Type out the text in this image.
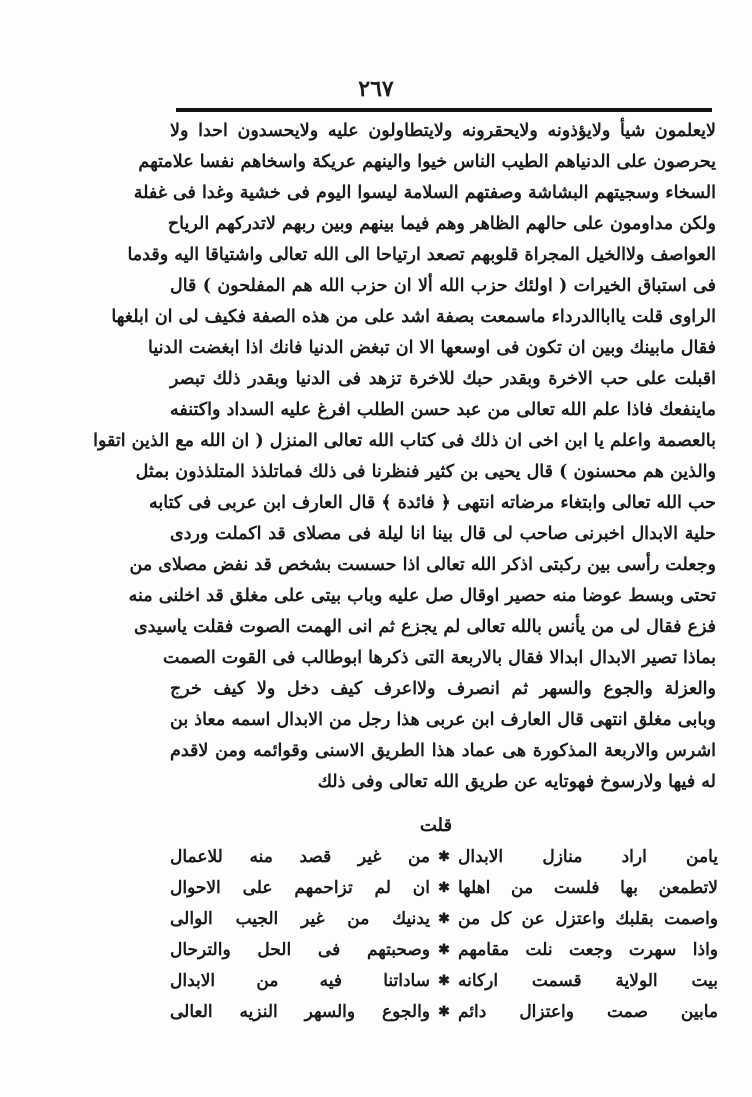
٢٦٧
لايعلمون شيأ ولايؤذونه ولايحقرونه ولايتطاولون عليه ولايحسدون احدا ولا
يحرصون على الدنياهم الطيب الناس خيوا والينهم عريكة واسخاهم نفسا علامتهم
السخاء وسجيتهم البشاشة وصفتهم السلامة ليسوا اليوم فى خشية وغدا فى غفلة
ولكن مداومون على حالهم الظاهر وهم فيما بينهم وبين ربهم لاتدركهم الرياح
العواصف ولاالخيل المجراة قلوبهم تصعد ارتياحا الى الله تعالى واشتياقا اليه وقدما
فى استباق الخيرات ( اولئك حزب الله ألا ان حزب الله هم المفلحون ) قال
الراوى قلت يااباالدرداء ماسمعت بصفة اشد على من هذه الصفة فكيف لى ان ابلغها
فقال مابينك وبين ان تكون فى اوسعها الا ان تبغض الدنيا فانك اذا ابغضت الدنيا
اقبلت على حب الاخرة وبقدر حبك للاخرة تزهد فى الدنيا وبقدر ذلك تبصر
ماينفعك فاذا علم الله تعالى من عبد حسن الطلب افرغ عليه السداد واكتنفه
بالعصمة واعلم يا ابن اخى ان ذلك فى كتاب الله تعالى المنزل ( ان الله مع الذين اتقوا
والذين هم محسنون ) قال يحيى بن كثير فنظرنا فى ذلك فماتلذذ المتلذذون بمثل
حب الله تعالى وابتغاء مرضاته انتهى ﴿ فائدة ﴾ قال العارف ابن عربى فى كتابه
حلية الابدال اخبرنى صاحب لى قال بينا انا ليلة فى مصلاى قد اكملت وردى
وجعلت رأسى بين ركبتى اذكر الله تعالى اذا حسست بشخص قد نفض مصلاى من
تحتى وبسط عوضا منه حصير اوقال صل عليه وباب بيتى على مغلق قد اخلنى منه
فزع فقال لى من يأنس بالله تعالى لم يجزع ثم انى الهمت الصوت فقلت ياسيدى
بماذا تصير الابدال ابدالا فقال بالاربعة التى ذكرها ابوطالب فى القوت الصمت
والعزلة والجوع والسهر ثم انصرف ولااعرف كيف دخل ولا كيف خرج
وبابى مغلق انتهى قال العارف ابن عربى هذا رجل من الابدال اسمه معاذ بن
اشرس والاربعة المذكورة هى عماد هذا الطريق الاسنى وقوائمه ومن لاقدم
له فيها ولارسوخ فهوتايه عن طريق الله تعالى وفى ذلك
قلت
يامن اراد منازل الابدال
✱
من غير قصد منه للاعمال
لاتطمعن بها فلست من اهلها
✱
ان لم تزاحمهم على الاحوال
واصمت بقلبك واعتزل عن كل من
✱
يدنيك من غير الجيب الوالى
واذا سهرت وجعت نلت مقامهم
✱
وصحبتهم فى الحل والترحال
بيت الولاية قسمت اركانه
✱
ساداتنا فيه من الابدال
مابين صمت واعتزال دائم
✱
والجوع والسهر النزيه العالى
